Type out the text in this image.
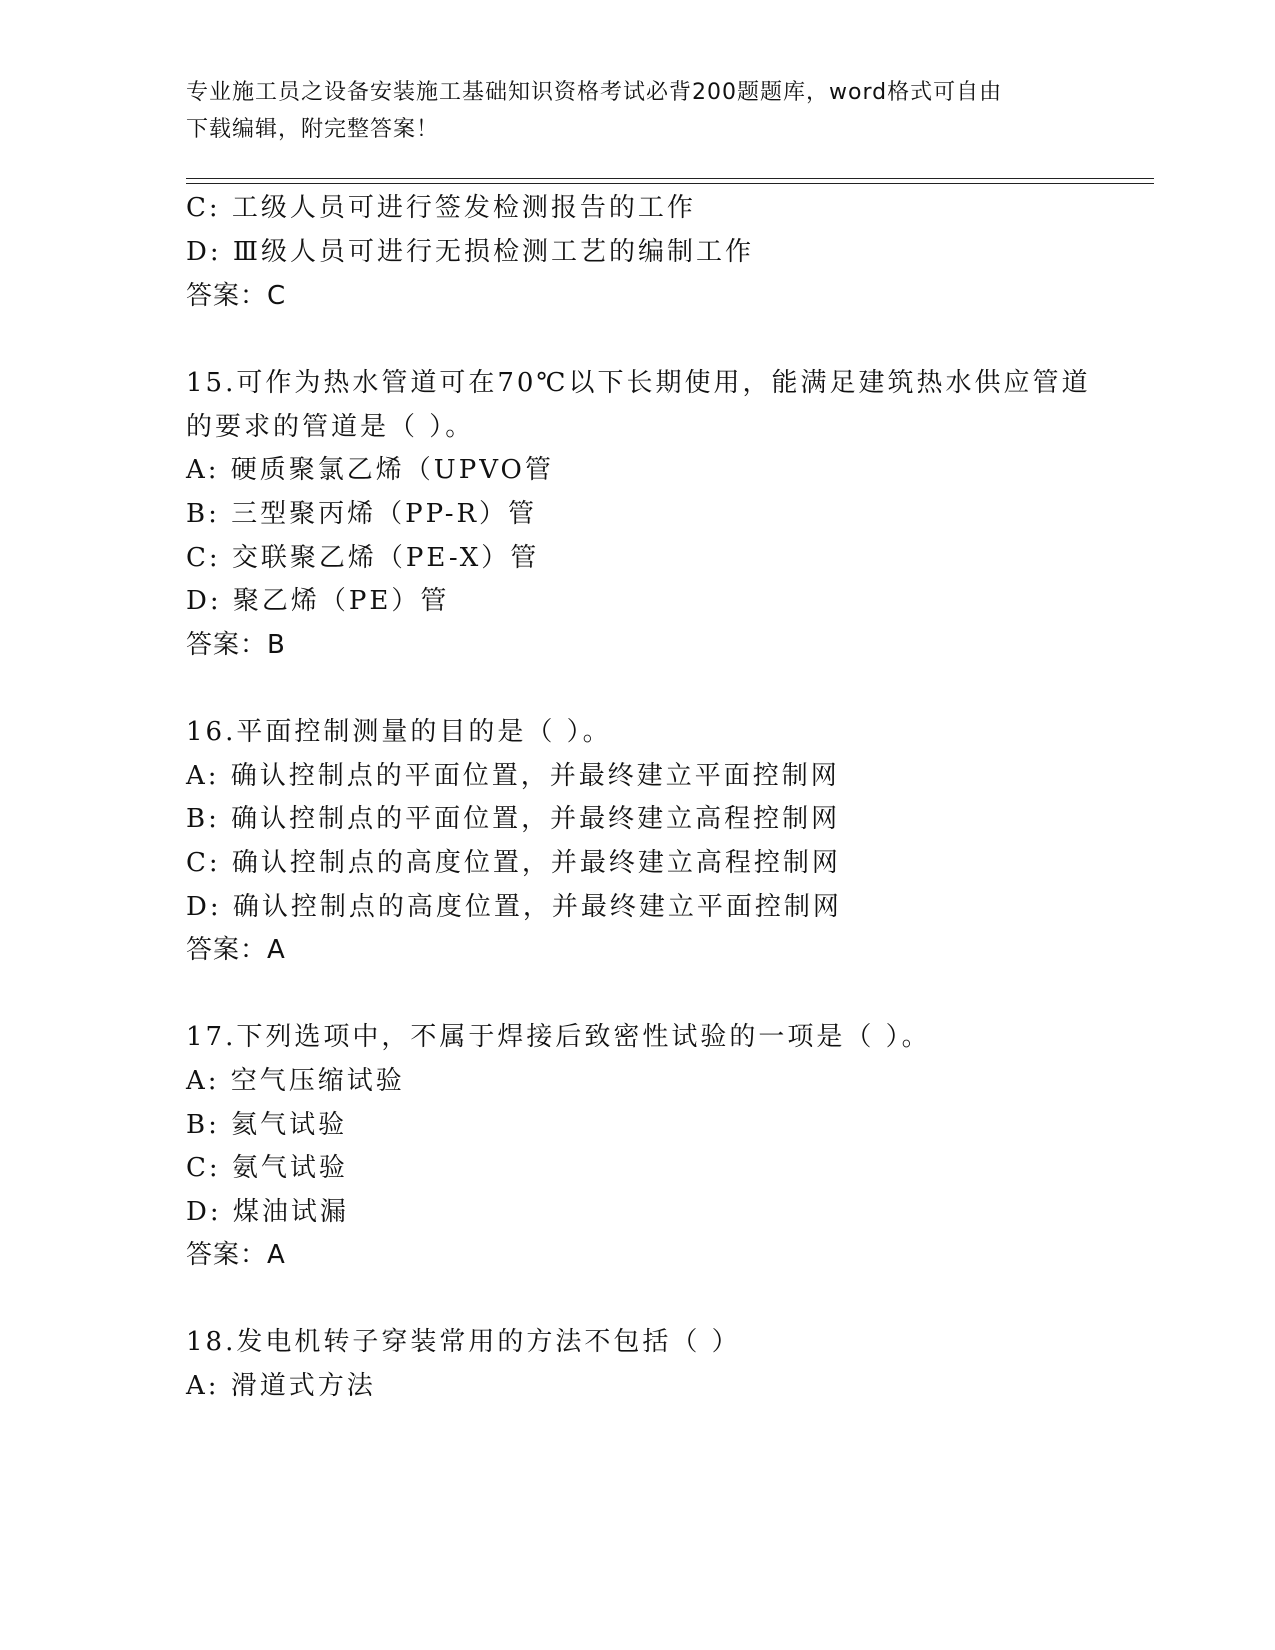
专业施工员之设备安装施工基础知识资格考试必背200题题库，word格式可自由
下载编辑，附完整答案！
C: 工级人员可进行签发检测报告的工作
D: Ⅲ级人员可进行无损检测工艺的编制工作
答案：C
15.可作为热水管道可在70℃以下长期使用，能满足建筑热水供应管道
的要求的管道是（ ）。
A: 硬质聚氯乙烯（UPVO管
B: 三型聚丙烯（PP-R）管
C: 交联聚乙烯（PE-X）管
D: 聚乙烯（PE）管
答案：B
16.平面控制测量的目的是（ ）。
A: 确认控制点的平面位置，并最终建立平面控制网
B: 确认控制点的平面位置，并最终建立高程控制网
C: 确认控制点的高度位置，并最终建立高程控制网
D: 确认控制点的高度位置，并最终建立平面控制网
答案：A
17.下列选项中，不属于焊接后致密性试验的一项是（ ）。
A: 空气压缩试验
B: 氦气试验
C: 氨气试验
D: 煤油试漏
答案：A
18.发电机转子穿装常用的方法不包括（ ）
A: 滑道式方法
